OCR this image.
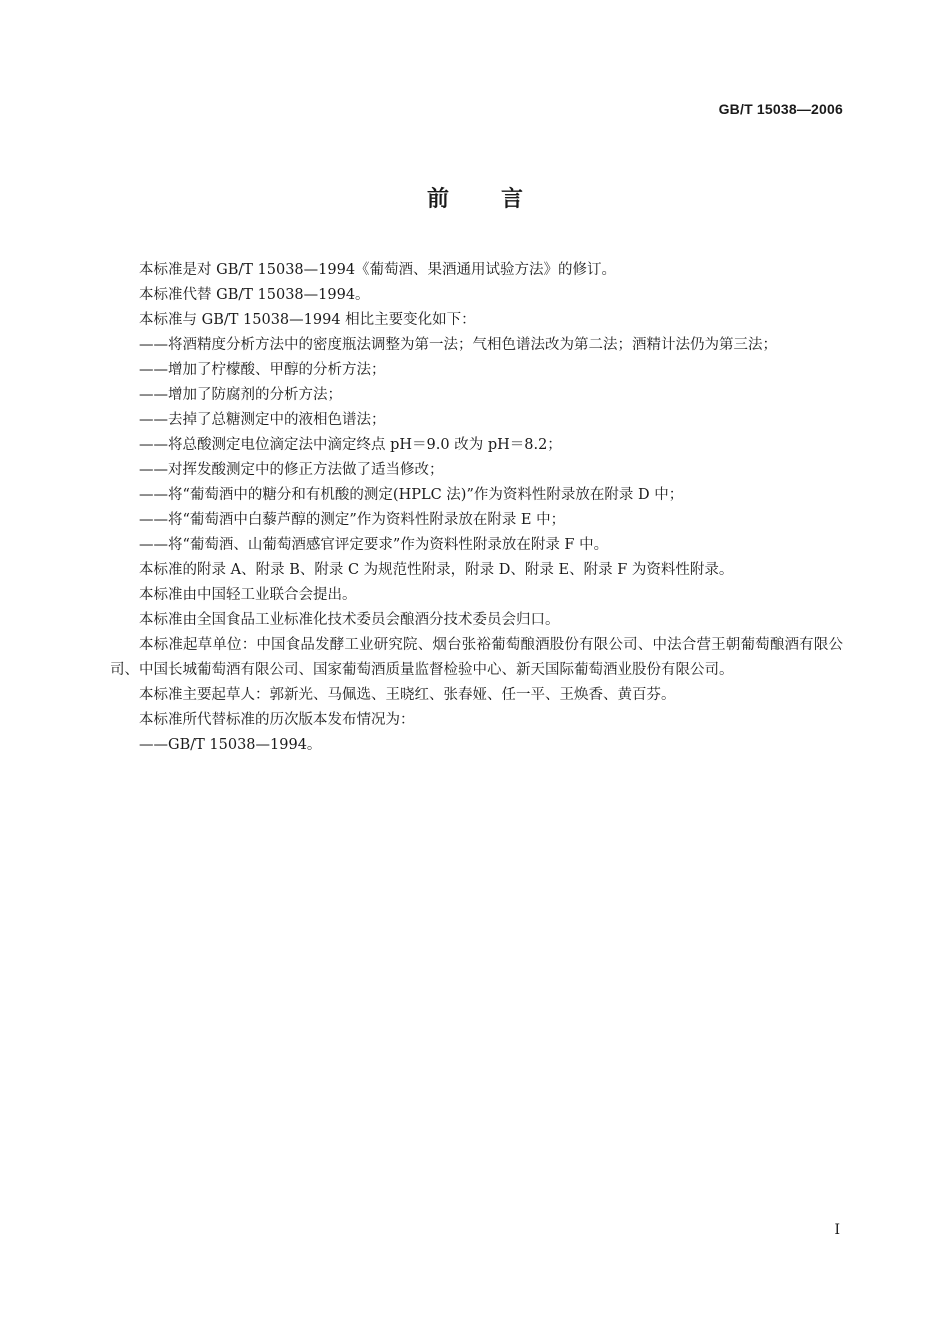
GB/T 15038—2006
前 言

本标准是对 GB/T 15038—1994《葡萄酒、果酒通用试验方法》的修订。

本标准代替 GB/T 15038—1994。

本标准与 GB/T 15038—1994 相比主要变化如下：

——将酒精度分析方法中的密度瓶法调整为第一法；气相色谱法改为第二法；酒精计法仍为第三法；

——增加了柠檬酸、甲醇的分析方法；

——增加了防腐剂的分析方法；

——去掉了总糖测定中的液相色谱法；

——将总酸测定电位滴定法中滴定终点 pH＝9.0 改为 pH＝8.2；

——对挥发酸测定中的修正方法做了适当修改；

——将“葡萄酒中的糖分和有机酸的测定(HPLC 法)”作为资料性附录放在附录 D 中；

——将“葡萄酒中白藜芦醇的测定”作为资料性附录放在附录 E 中；

——将“葡萄酒、山葡萄酒感官评定要求”作为资料性附录放在附录 F 中。

本标准的附录 A、附录 B、附录 C 为规范性附录，附录 D、附录 E、附录 F 为资料性附录。

本标准由中国轻工业联合会提出。

本标准由全国食品工业标准化技术委员会酿酒分技术委员会归口。

本标准起草单位：中国食品发酵工业研究院、烟台张裕葡萄酿酒股份有限公司、中法合营王朝葡萄酿酒有限公司、中国长城葡萄酒有限公司、国家葡萄酒质量监督检验中心、新天国际葡萄酒业股份有限公司。

本标准主要起草人：郭新光、马佩选、王晓红、张春娅、任一平、王焕香、黄百芬。

本标准所代替标准的历次版本发布情况为：

——GB/T 15038—1994。

I
